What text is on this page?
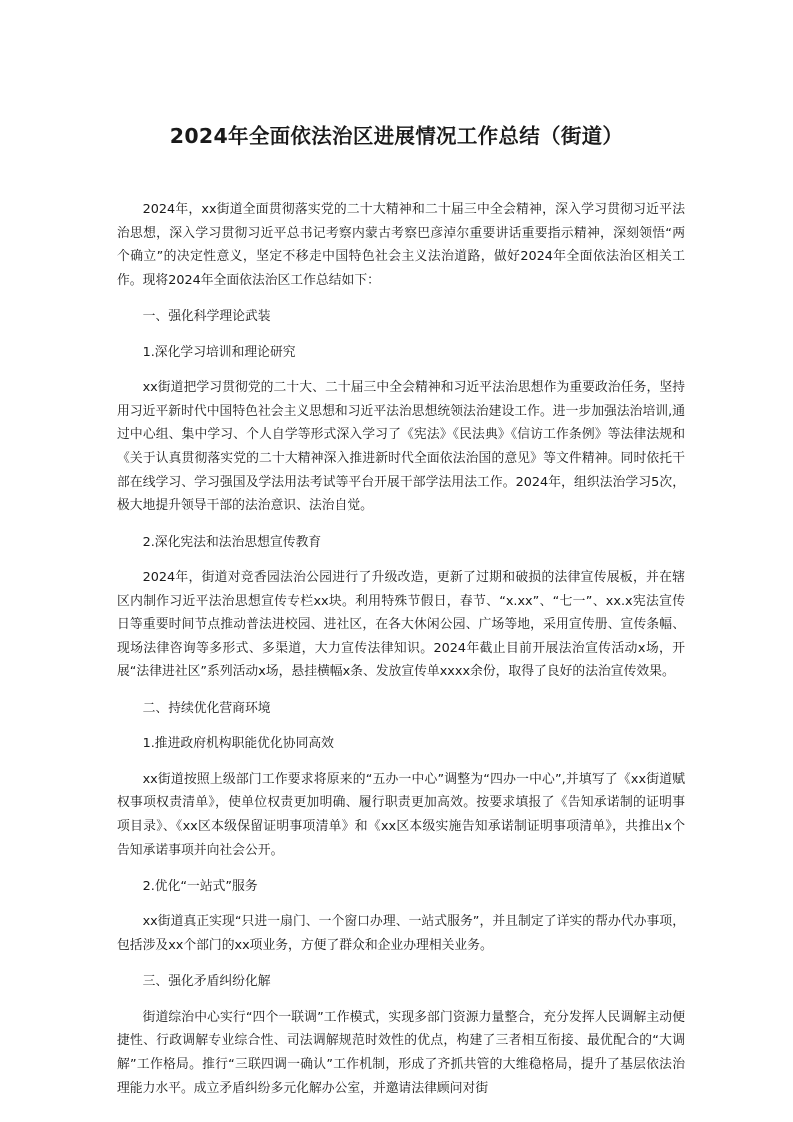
2024年全面依法治区进展情况工作总结（街道）

2024年，xx街道全面贯彻落实党的二十大精神和二十届三中全会精神，深入学习贯彻习近平法治思想，深入学习贯彻习近平总书记考察内蒙古考察巴彦淖尔重要讲话重要指示精神，深刻领悟“两个确立”的决定性意义，坚定不移走中国特色社会主义法治道路，做好2024年全面依法治区相关工作。现将2024年全面依法治区工作总结如下：

一、强化科学理论武装

1.深化学习培训和理论研究

xx街道把学习贯彻党的二十大、二十届三中全会精神和习近平法治思想作为重要政治任务，坚持用习近平新时代中国特色社会主义思想和习近平法治思想统领法治建设工作。进一步加强法治培训,通过中心组、集中学习、个人自学等形式深入学习了《宪法》《民法典》《信访工作条例》等法律法规和《关于认真贯彻落实党的二十大精神深入推进新时代全面依法治国的意见》等文件精神。同时依托干部在线学习、学习强国及学法用法考试等平台开展干部学法用法工作。2024年，组织法治学习5次，极大地提升领导干部的法治意识、法治自觉。

2.深化宪法和法治思想宣传教育

2024年，街道对竞香园法治公园进行了升级改造，更新了过期和破损的法律宣传展板，并在辖区内制作习近平法治思想宣传专栏xx块。利用特殊节假日，春节、“x.xx”、“七一”、xx.x宪法宣传日等重要时间节点推动普法进校园、进社区，在各大休闲公园、广场等地，采用宣传册、宣传条幅、现场法律咨询等多形式、多渠道，大力宣传法律知识。2024年截止目前开展法治宣传活动x场，开展“法律进社区”系列活动x场，悬挂横幅x条、发放宣传单xxxx余份，取得了良好的法治宣传效果。

二、持续优化营商环境

1.推进政府机构职能优化协同高效

xx街道按照上级部门工作要求将原来的“五办一中心”调整为“四办一中心”,并填写了《xx街道赋权事项权责清单》，使单位权责更加明确、履行职责更加高效。按要求填报了《告知承诺制的证明事项目录》、《xx区本级保留证明事项清单》和《xx区本级实施告知承诺制证明事项清单》，共推出x个告知承诺事项并向社会公开。

2.优化“一站式”服务

xx街道真正实现“只进一扇门、一个窗口办理、一站式服务”，并且制定了详实的帮办代办事项，包括涉及xx个部门的xx项业务，方便了群众和企业办理相关业务。

三、强化矛盾纠纷化解

街道综治中心实行“四个一联调”工作模式，实现多部门资源力量整合，充分发挥人民调解主动便捷性、行政调解专业综合性、司法调解规范时效性的优点，构建了三者相互衔接、最优配合的“大调解”工作格局。推行“三联四调一确认”工作机制，形成了齐抓共管的大维稳格局，提升了基层依法治理能力水平。成立矛盾纠纷多元化解办公室，并邀请法律顾问对街
